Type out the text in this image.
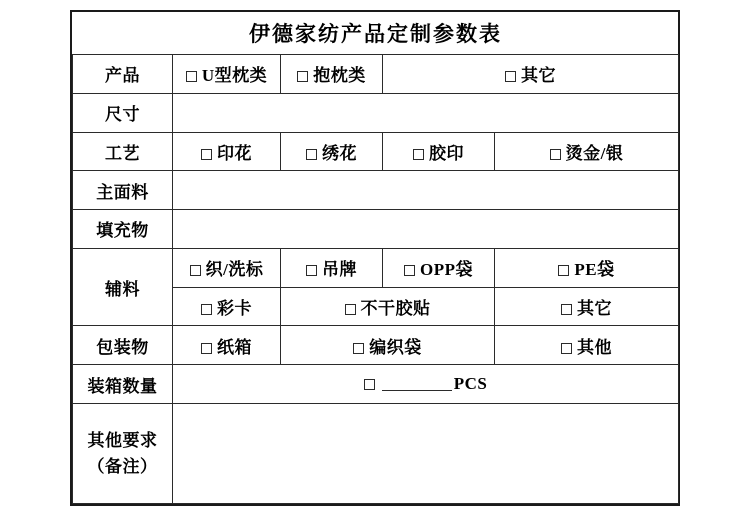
伊德家纺产品定制参数表				
产品	U型枕类	抱枕类	其它	
尺寸				
工艺	印花	绣花	胶印	烫金/银
主面料				
填充物				
辅料	织/洗标	吊牌	OPP袋	PE袋
	彩卡	不干胶贴		其它
包装物	纸箱	编织袋		其他
装箱数量	PCS			

其他要求
（备注）				
